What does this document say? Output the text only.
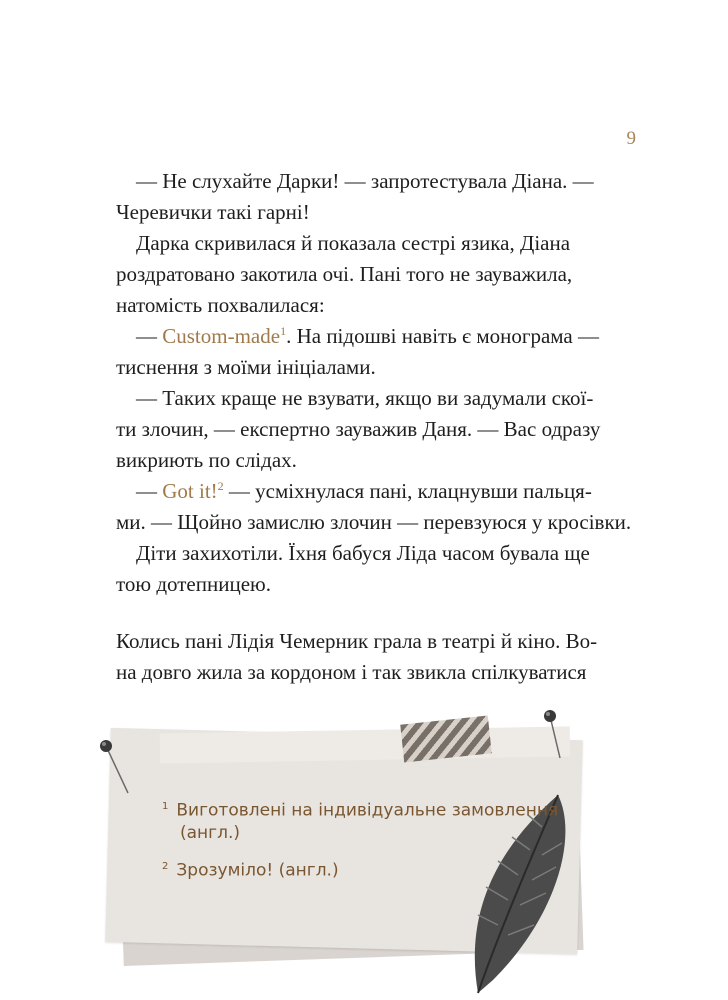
9
— Не слухайте Дарки! — запротестувала Діана. —
Черевички такі гарні!
Дарка скривилася й показала сестрі язика, Діана
роздратовано закотила очі. Пані того не зауважила,
натомість похвалилася:
— Custom-made$^1$. На підошві навіть є монограма —
тиснення з моїми ініціалами.
— Таких краще не взувати, якщо ви задумали скої-
ти злочин, — експертно зауважив Даня. — Вас одразу
викриють по слідах.
— Got it!$^2$ — усміхнулася пані, клацнувши пальця-
ми. — Щойно замислю злочин — перевзуюся у кросівки.
Діти захихотіли. Їхня бабуся Ліда часом бувала ще
тою дотепницею.
Колись пані Лідія Чемерник грала в театрі й кіно. Во-
на довго жила за кордоном і так звикла спілкуватися
$^1$ Виготовлені на індивідуальне замовлення
(англ.)
$^2$ Зрозуміло! (англ.)
